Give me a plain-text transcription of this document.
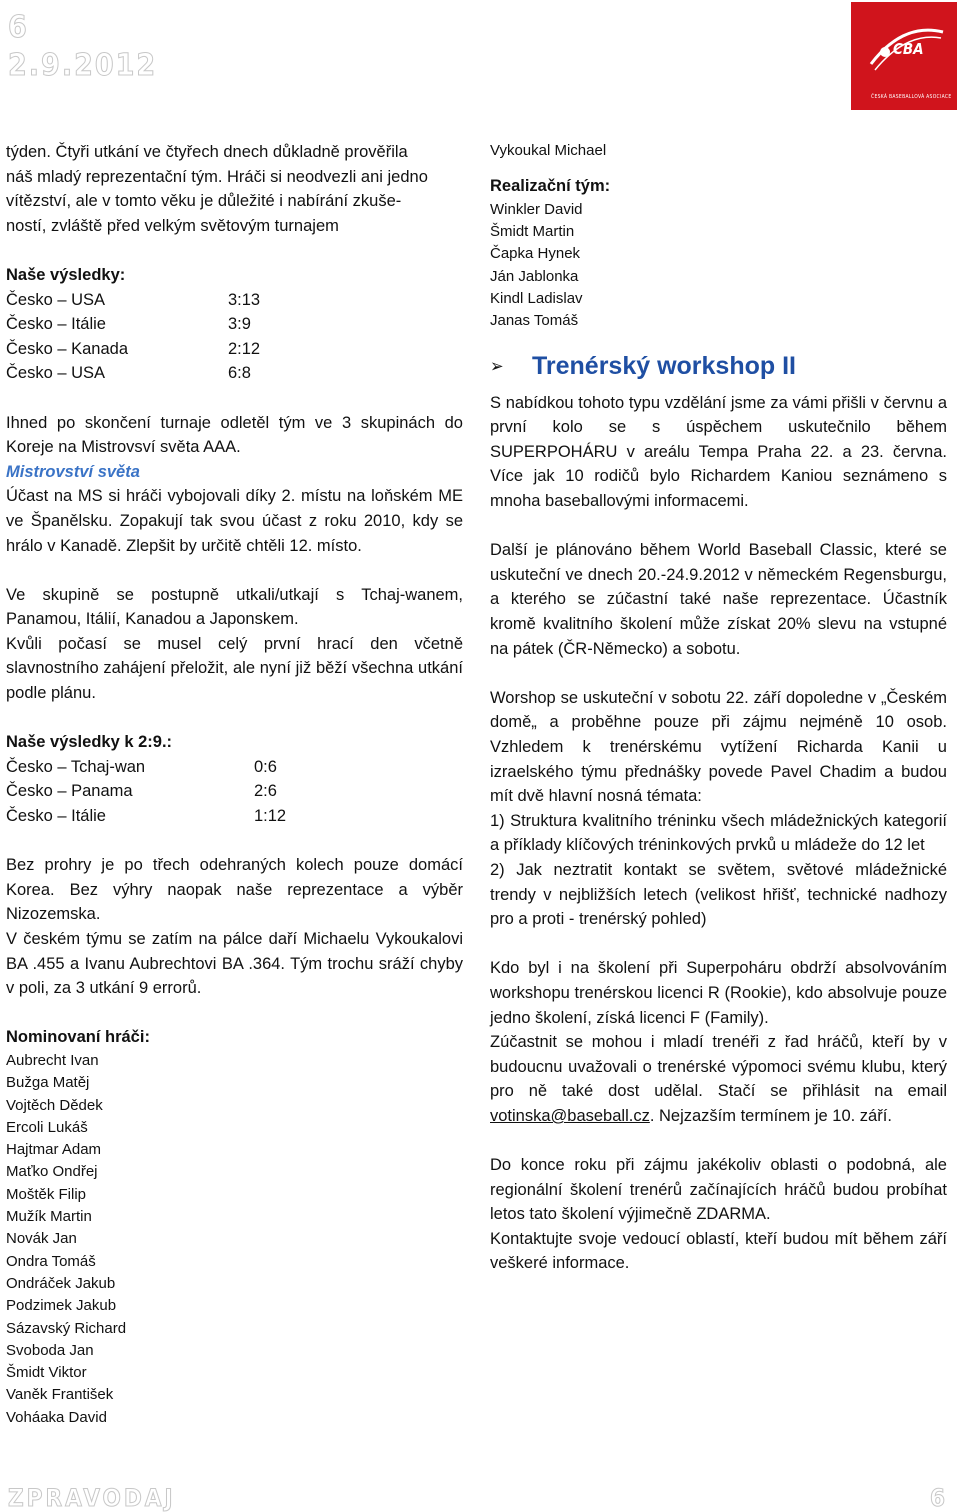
6
2.9.2012	CBA
ČESKÁ BASEBALLOVÁ ASOCIACE

týden. Čtyři utkání ve čtyřech dnech důkladně prověřila

náš mladý reprezentační tým. Hráči si neodvezli ani jedno

vítězství, ale v tomto věku je důležité i nabírání zkuše-

ností, zvláště před velkým světovým turnajem

Naše výsledky:

Česko – USA	3:13
Česko – Itálie	3:9
Česko – Kanada	2:12
Česko – USA	6:8

Ihned po skončení turnaje odletěl tým ve 3 skupinách do Koreje na Mistrovsví světa AAA.

Mistrovství světa

Účast na MS si hráči vybojovali díky 2. místu na loňském ME ve Španělsku. Zopakují tak svou účast z roku 2010, kdy se hrálo v Kanadě. Zlepšit by určitě chtěli 12. místo.

Ve skupině se postupně utkali/utkají s Tchaj-wanem, Panamou, Itálií, Kanadou a Japonskem.

Kvůli počasí se musel celý první hrací den včetně slavnostního zahájení přeložit, ale nyní již běží všechna utkání podle plánu.

Naše výsledky k 2:9.:

Česko – Tchaj-wan	0:6
Česko – Panama	2:6
Česko – Itálie	1:12

Bez prohry je po třech odehraných kolech pouze domácí Korea. Bez výhry naopak naše reprezentace a výběr Nizozemska.

V českém týmu se zatím na pálce daří Michaelu Vykoukalovi BA .455 a Ivanu Aubrechtovi BA .364. Tým trochu sráží chyby v poli, za 3 utkání 9 errorů.

Nominovaní hráči:

Aubrecht Ivan
Bužga Matěj
Vojtěch Dědek
Ercoli Lukáš
Hajtmar Adam
Maťko Ondřej
Moštěk Filip
Mužík Martin
Novák Jan
Ondra Tomáš
Ondráček Jakub
Podzimek Jakub
Sázavský Richard
Svoboda Jan
Šmidt Viktor
Vaněk František
Voháaka David
Vykoukal Michael

Realizační tým:

Winkler David
Šmidt Martin
Čapka Hynek
Ján Jablonka
Kindl Ladislav
Janas Tomáš
➢	Trenérský workshop II

S nabídkou tohoto typu vzdělání jsme za vámi přišli v červnu a první kolo se s úspěchem uskutečnilo během SUPERPOHÁRU v areálu Tempa Praha 22. a 23. června. Více jak 10 rodičů bylo Richardem Kaniou seznámeno s mnoha baseballovými informacemi.

Další je plánováno během World Baseball Classic, které se uskuteční ve dnech 20.-24.9.2012 v německém Regensburgu, a kterého se zúčastní také naše reprezentace. Účastník kromě kvalitního školení může získat 20% slevu na vstupné na pátek (ČR-Německo) a sobotu.

Worshop se uskuteční v sobotu 22. září dopoledne v „Českém domě„ a proběhne pouze při zájmu nejméně 10 osob. Vzhledem k trenérskému vytížení Richarda Kanii u izraelského týmu přednášky povede Pavel Chadim a budou mít dvě hlavní nosná témata:

1) Struktura kvalitního tréninku všech mládežnických kategorií a příklady klíčových tréninkových prvků u mládeže do 12 let

2) Jak neztratit kontakt se světem, světové mládežnické trendy v nejbližších letech (velikost hřišť, technické nadhozy pro a proti - trenérský pohled)

Kdo byl i na školení při Superpoháru obdrží absolvováním workshopu trenérskou licenci R (Rookie), kdo absolvuje pouze jedno školení, získá licenci F (Family).

Zúčastnit se mohou i mladí trenéři z řad hráčů, kteří by v budoucnu uvažovali o trenérské výpomoci svému klubu, který pro ně také dost udělal. Stačí se přihlásit na email votinska@baseball.cz. Nejzazším termínem je 10. září.

Do konce roku při zájmu jakékoliv oblasti o podobná, ale regionální školení trenérů začínajících hráčů budou probíhat letos tato školení výjimečně ZDARMA.

Kontaktujte svoje vedoucí oblastí, kteří budou mít během září veškeré informace.

ZPRAVODAJ	6
